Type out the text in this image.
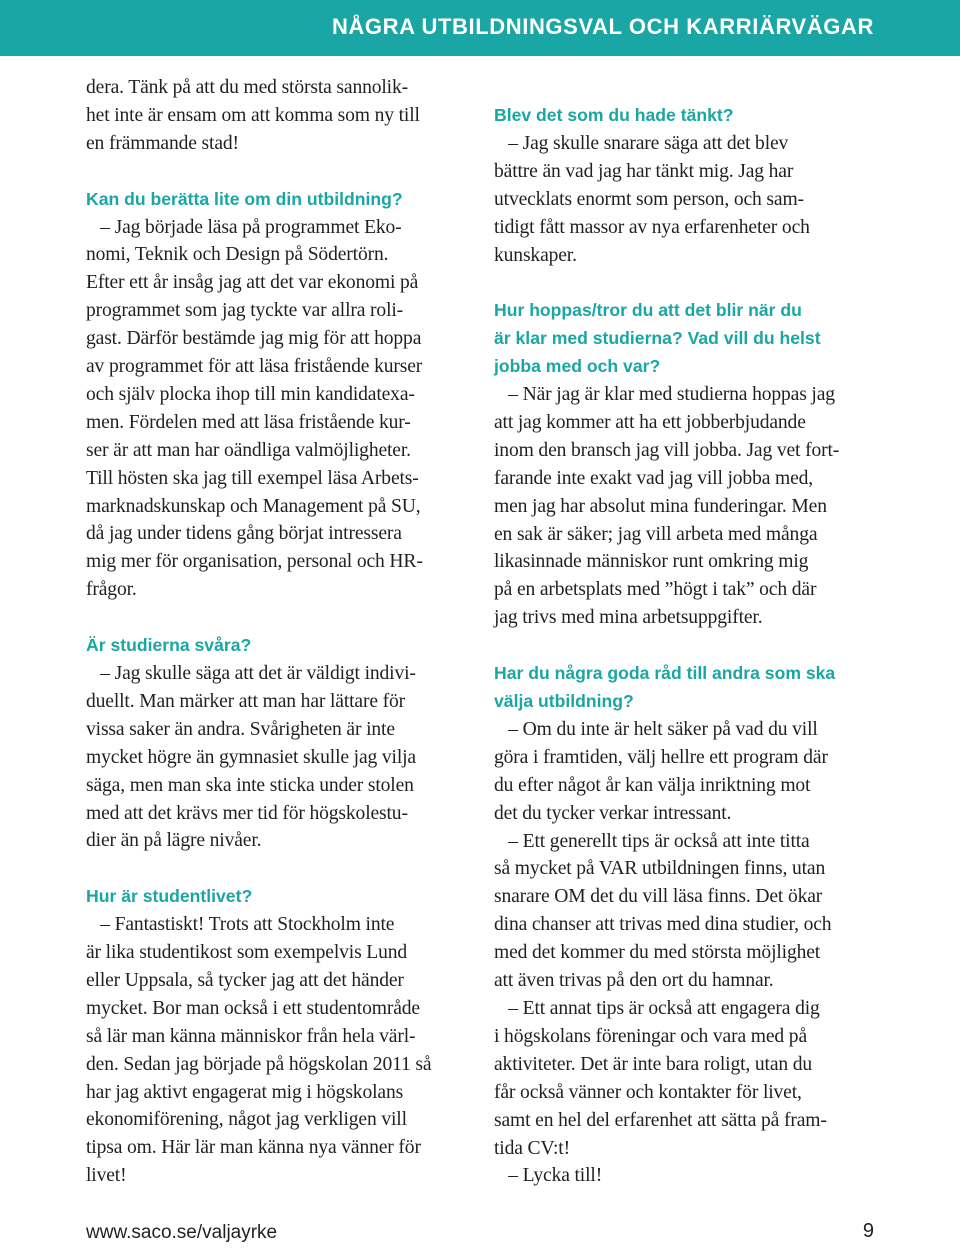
NÅGRA UTBILDNINGSVAL OCH KARRIÄRVÄGAR

dera. Tänk på att du med största sannolik-
het inte är ensam om att komma som ny till
en främmande stad!

Kan du berätta lite om din utbildning?

– Jag började läsa på programmet Eko-
nomi, Teknik och Design på Södertörn.
Efter ett år insåg jag att det var ekonomi på
programmet som jag tyckte var allra roli-
gast. Därför bestämde jag mig för att hoppa
av programmet för att läsa fristående kurser
och själv plocka ihop till min kandidatexa-
men. Fördelen med att läsa fristående kur-
ser är att man har oändliga valmöjligheter.
Till hösten ska jag till exempel läsa Arbets-
marknadskunskap och Management på SU,
då jag under tidens gång börjat intressera
mig mer för organisation, personal och HR-
frågor.

Är studierna svåra?

– Jag skulle säga att det är väldigt indivi-
duellt. Man märker att man har lättare för
vissa saker än andra. Svårigheten är inte
mycket högre än gymnasiet skulle jag vilja
säga, men man ska inte sticka under stolen
med att det krävs mer tid för högskolestu-
dier än på lägre nivåer.

Hur är studentlivet?

– Fantastiskt! Trots att Stockholm inte
är lika studentikost som exempelvis Lund
eller Uppsala, så tycker jag att det händer
mycket. Bor man också i ett studentområde
så lär man känna människor från hela värl-
den. Sedan jag började på högskolan 2011 så
har jag aktivt engagerat mig i högskolans
ekonomiförening, något jag verkligen vill
tipsa om. Här lär man känna nya vänner för
livet!

Blev det som du hade tänkt?

– Jag skulle snarare säga att det blev
bättre än vad jag har tänkt mig. Jag har
utvecklats enormt som person, och sam-
tidigt fått massor av nya erfarenheter och
kunskaper.

Hur hoppas/tror du att det blir när du
är klar med studierna? Vad vill du helst
jobba med och var?

– När jag är klar med studierna hoppas jag
att jag kommer att ha ett jobberbjudande
inom den bransch jag vill jobba. Jag vet fort-
farande inte exakt vad jag vill jobba med,
men jag har absolut mina funderingar. Men
en sak är säker; jag vill arbeta med många
likasinnade människor runt omkring mig
på en arbetsplats med ”högt i tak” och där
jag trivs med mina arbetsuppgifter.

Har du några goda råd till andra som ska
välja utbildning?

– Om du inte är helt säker på vad du vill
göra i framtiden, välj hellre ett program där
du efter något år kan välja inriktning mot
det du tycker verkar intressant.
– Ett generellt tips är också att inte titta
så mycket på VAR utbildningen finns, utan
snarare OM det du vill läsa finns. Det ökar
dina chanser att trivas med dina studier, och
med det kommer du med största möjlighet
att även trivas på den ort du hamnar.
– Ett annat tips är också att engagera dig
i högskolans föreningar och vara med på
aktiviteter. Det är inte bara roligt, utan du
får också vänner och kontakter för livet,
samt en hel del erfarenhet att sätta på fram-
tida CV:t!
– Lycka till!

www.saco.se/valjayrke	9
